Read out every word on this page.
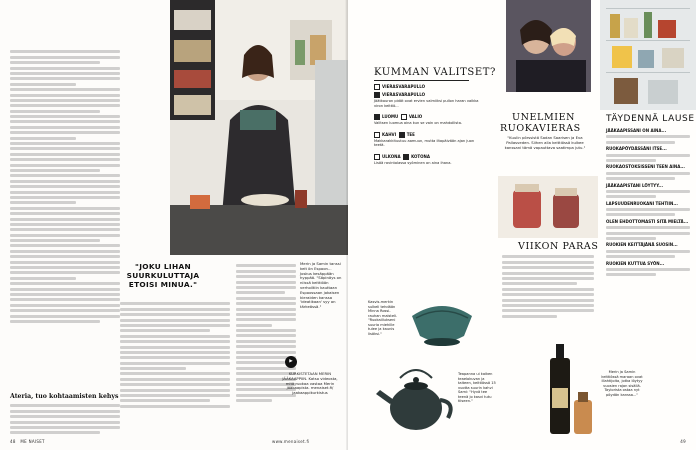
Ateria, tuo kohtaamisten kehys
"JOKU LIHAN SUURKULUTTAJA ETOISI MINUA."
Merin ja Samin tanssi keit ön Espoon... Joskus kesäppään hyppää. "Säpinäys on niissä keittiöön verhoiltiin kauttaan Espoossaan jokaisen kieraiden kanssa 'ideatikaan' syy on tärkeässä."
▶
KURKISTETAAN MERIN JÄÄKAAPPIIN. Katso videosta, mitä ruokaa vastaa Merin jääkaapista. menaiset.fi/ jaakaappikurkistus
48 ME NAISET	www.menaiset.fi
KUMMAN VALITSET?
VIERASVARAPULLO
VIERASVARAPULLO
Jäätkouron pidät ovat ervien valmiiksi pullon haran vaikka viron keittiö...
LUOMU	VALIO
Valitsen luomua aina kun se vain on mahdollista.
KAHVI	TEE
Makkarakkituutuu aamuun, mutta iltapäivään ajan juon teetä.
ULKONA	KOTONA
Lisää ravintolassa syöminen on aina ihana.
UNELMIEN
RUOKAVIERAS
"Kuulin pörssistä Sadan Saarisen ja Eva Pallasveden. Siihen alla keittiössä kulkee kanssani tämä vapauttava saatimpa jutu."
VIIKON PARAS
TÄYDENNÄ LAUSE
JÄÄKAAPISSANI ON AINA...
RUOKAPÖYDÄSSÄNI ITSE...
RUOKAOSTOKSISSENI TEEN AINA...
JÄÄKAAPISTANI LÖYTYY...
LAPSUUDENRUOKANI TEHTIIN...
OLEN EHDOTTOMASTI SITÄ MIELTÄ...
RUOKIEN KEITTÄJÄNÄ SUOSIN...
RUOKIEN KUTTUA SYÖN...
Kasvis-merkin sulkeli tehdään Minna Rossi-rauhan maisteli. "Ruokaillukseni suuria miehille tulee ja kaunis lisäksi."
Teapanna ui kaiken teaelokuvan ja taiteen, keittiössä 15 vuotta suurin kahvi Sami: "Hyvä tee teenä jo kasvi tutu tiiseen."
Merin ja Samin keittiössä maraan ovat illahtijoita, jotka löytyy vuosien rajan sisällä. Taylorista ostaa nyt pöydän kanssa..."
49
